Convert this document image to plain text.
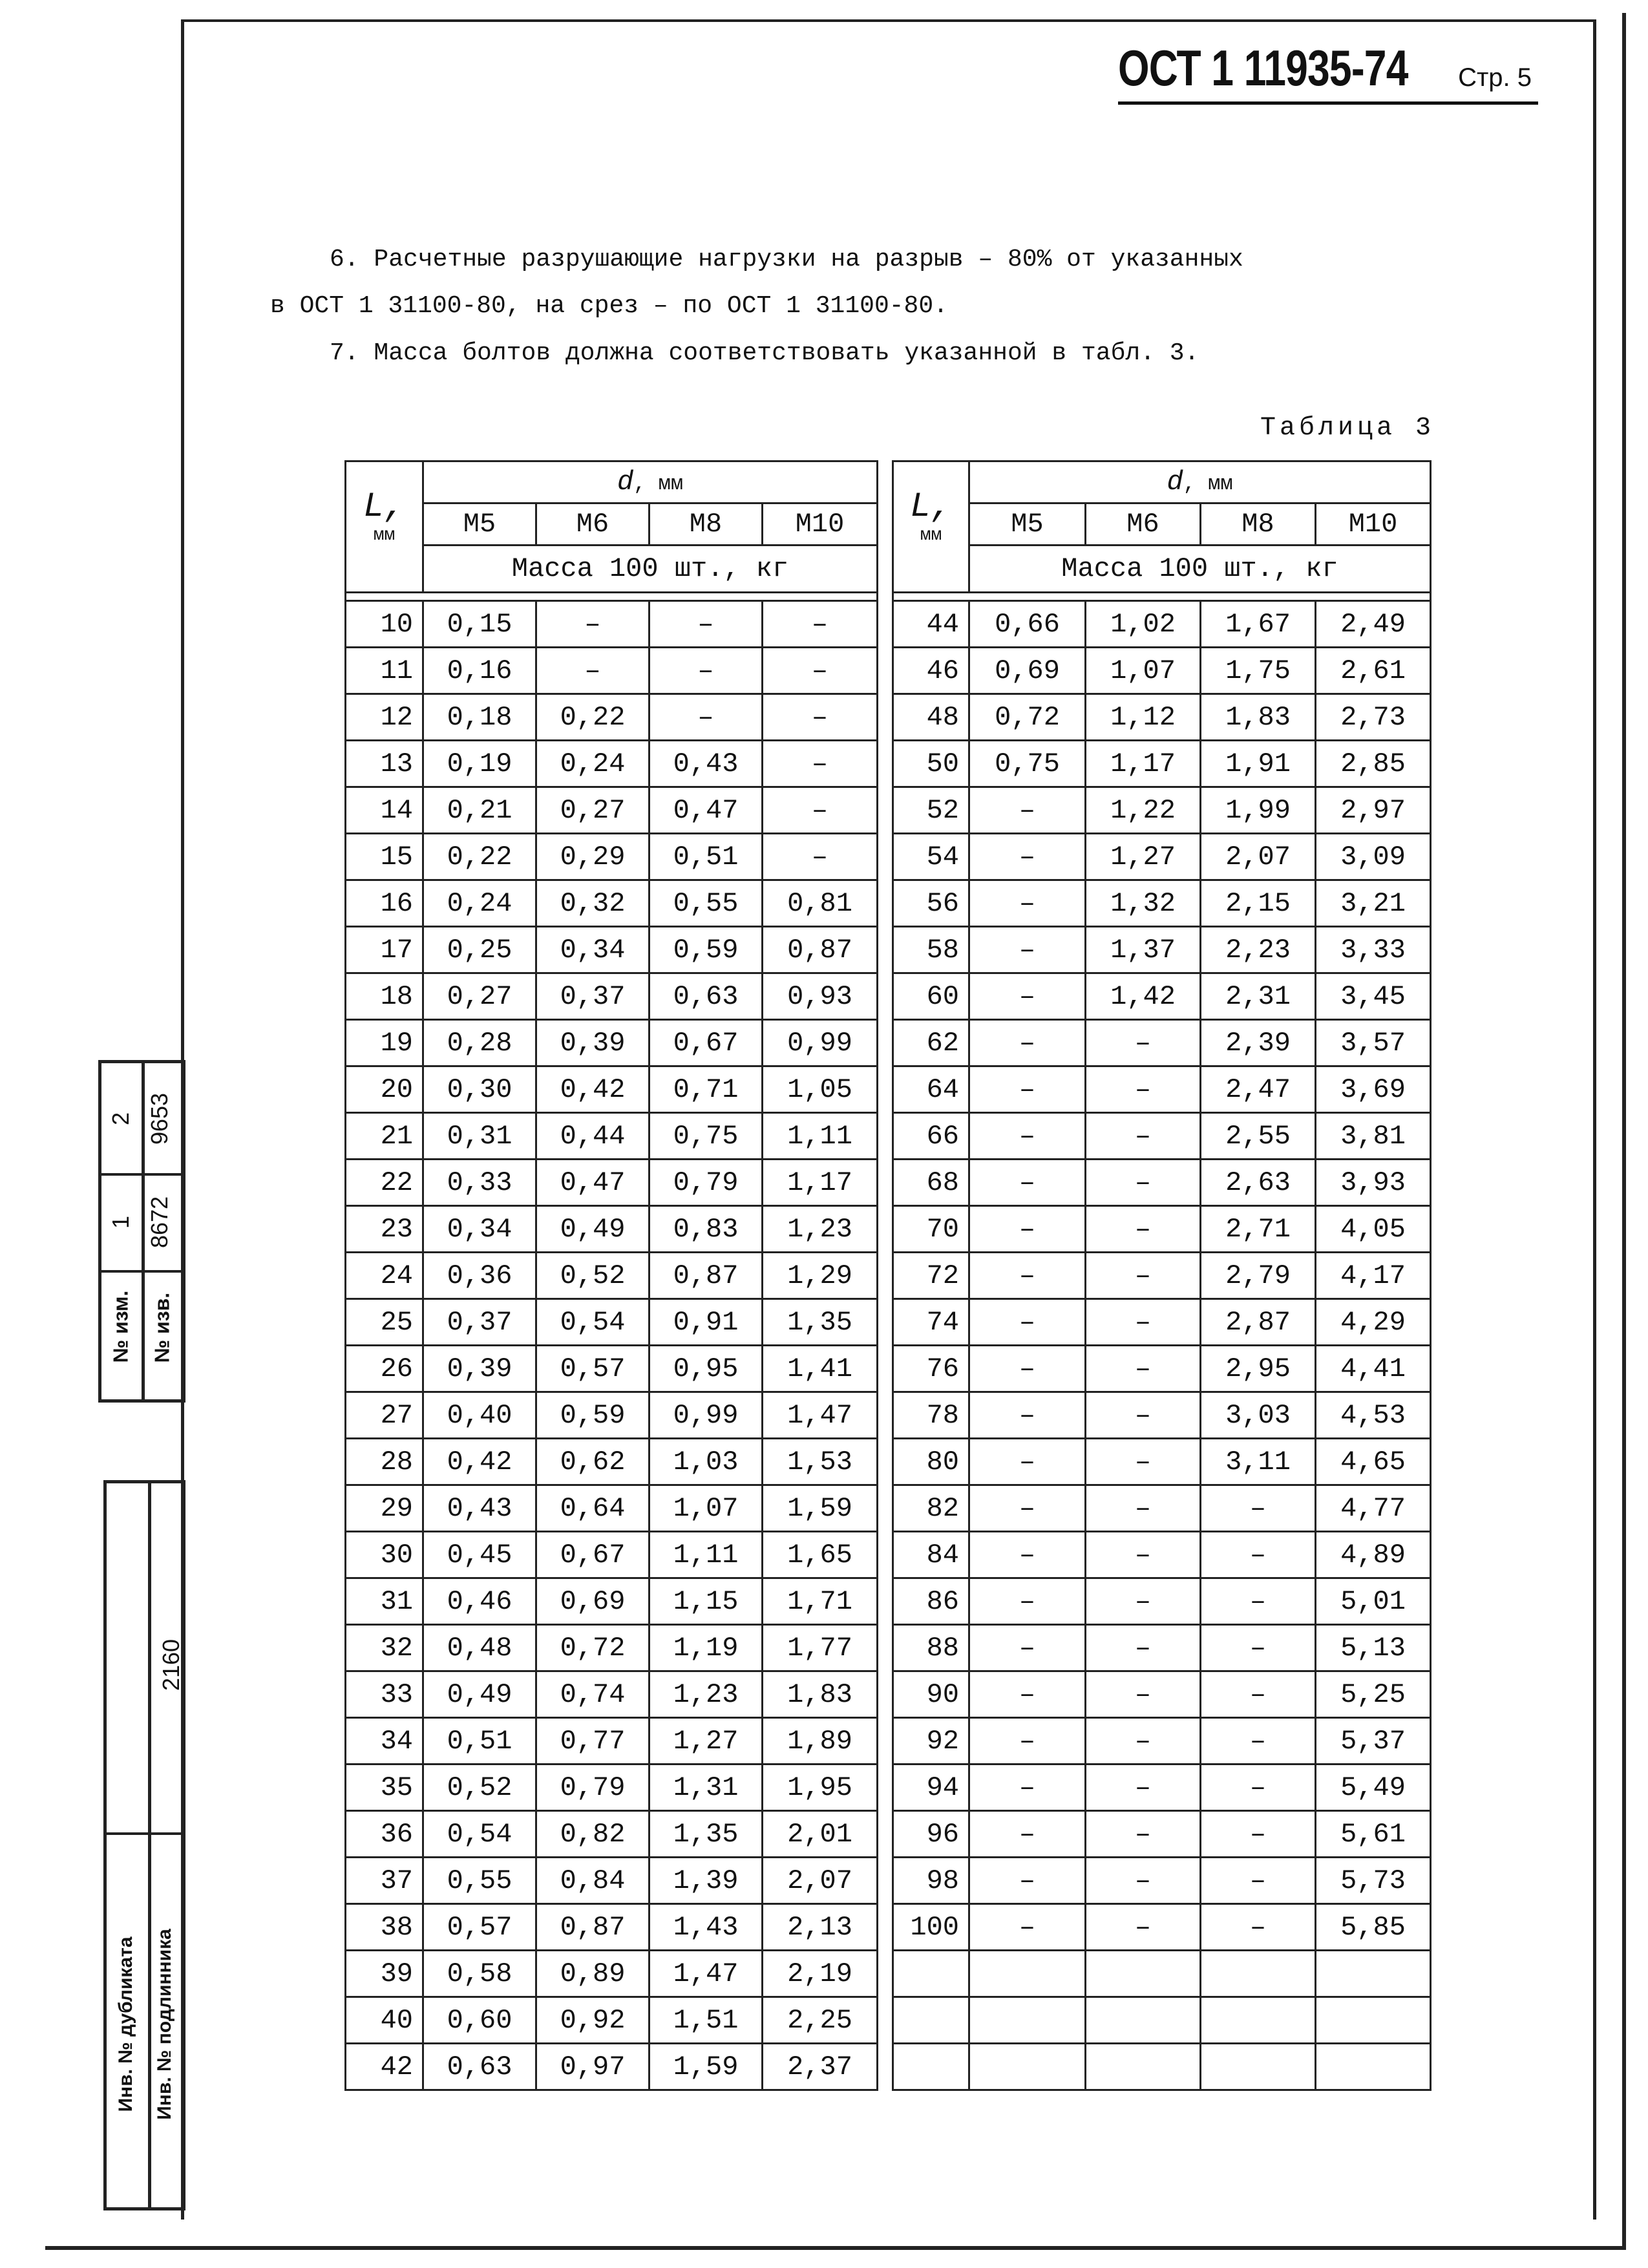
ОСТ 1 11935-74 Стр. 5
6. Расчетные разрушающие нагрузки на разрыв – 80% от указанных
в ОСТ 1 31100-80, на срез – по ОСТ 1 31100-80.
7. Масса болтов должна соответствовать указанной в табл. 3.
Таблица 3
L,
мм	d, мм			
	М5	М6	М8	М10
	Масса 100 шт., кг			

10	0,15	–	–	–
11	0,16	–	–	–
12	0,18	0,22	–	–
13	0,19	0,24	0,43	–
14	0,21	0,27	0,47	–
15	0,22	0,29	0,51	–
16	0,24	0,32	0,55	0,81
17	0,25	0,34	0,59	0,87
18	0,27	0,37	0,63	0,93
19	0,28	0,39	0,67	0,99
20	0,30	0,42	0,71	1,05
21	0,31	0,44	0,75	1,11
22	0,33	0,47	0,79	1,17
23	0,34	0,49	0,83	1,23
24	0,36	0,52	0,87	1,29
25	0,37	0,54	0,91	1,35
26	0,39	0,57	0,95	1,41
27	0,40	0,59	0,99	1,47
28	0,42	0,62	1,03	1,53
29	0,43	0,64	1,07	1,59
30	0,45	0,67	1,11	1,65
31	0,46	0,69	1,15	1,71
32	0,48	0,72	1,19	1,77
33	0,49	0,74	1,23	1,83
34	0,51	0,77	1,27	1,89
35	0,52	0,79	1,31	1,95
36	0,54	0,82	1,35	2,01
37	0,55	0,84	1,39	2,07
38	0,57	0,87	1,43	2,13
39	0,58	0,89	1,47	2,19
40	0,60	0,92	1,51	2,25
42	0,63	0,97	1,59	2,37
L,
мм	d, мм			
	М5	М6	М8	М10
	Масса 100 шт., кг			

44	0,66	1,02	1,67	2,49
46	0,69	1,07	1,75	2,61
48	0,72	1,12	1,83	2,73
50	0,75	1,17	1,91	2,85
52	–	1,22	1,99	2,97
54	–	1,27	2,07	3,09
56	–	1,32	2,15	3,21
58	–	1,37	2,23	3,33
60	–	1,42	2,31	3,45
62	–	–	2,39	3,57
64	–	–	2,47	3,69
66	–	–	2,55	3,81
68	–	–	2,63	3,93
70	–	–	2,71	4,05
72	–	–	2,79	4,17
74	–	–	2,87	4,29
76	–	–	2,95	4,41
78	–	–	3,03	4,53
80	–	–	3,11	4,65
82	–	–	–	4,77
84	–	–	–	4,89
86	–	–	–	5,01
88	–	–	–	5,13
90	–	–	–	5,25
92	–	–	–	5,37
94	–	–	–	5,49
96	–	–	–	5,61
98	–	–	–	5,73
100	–	–	–	5,85

№ изм. № изв.
1 8672
2 9653
Инв. № дубликата Инв. № подлинника
2160
